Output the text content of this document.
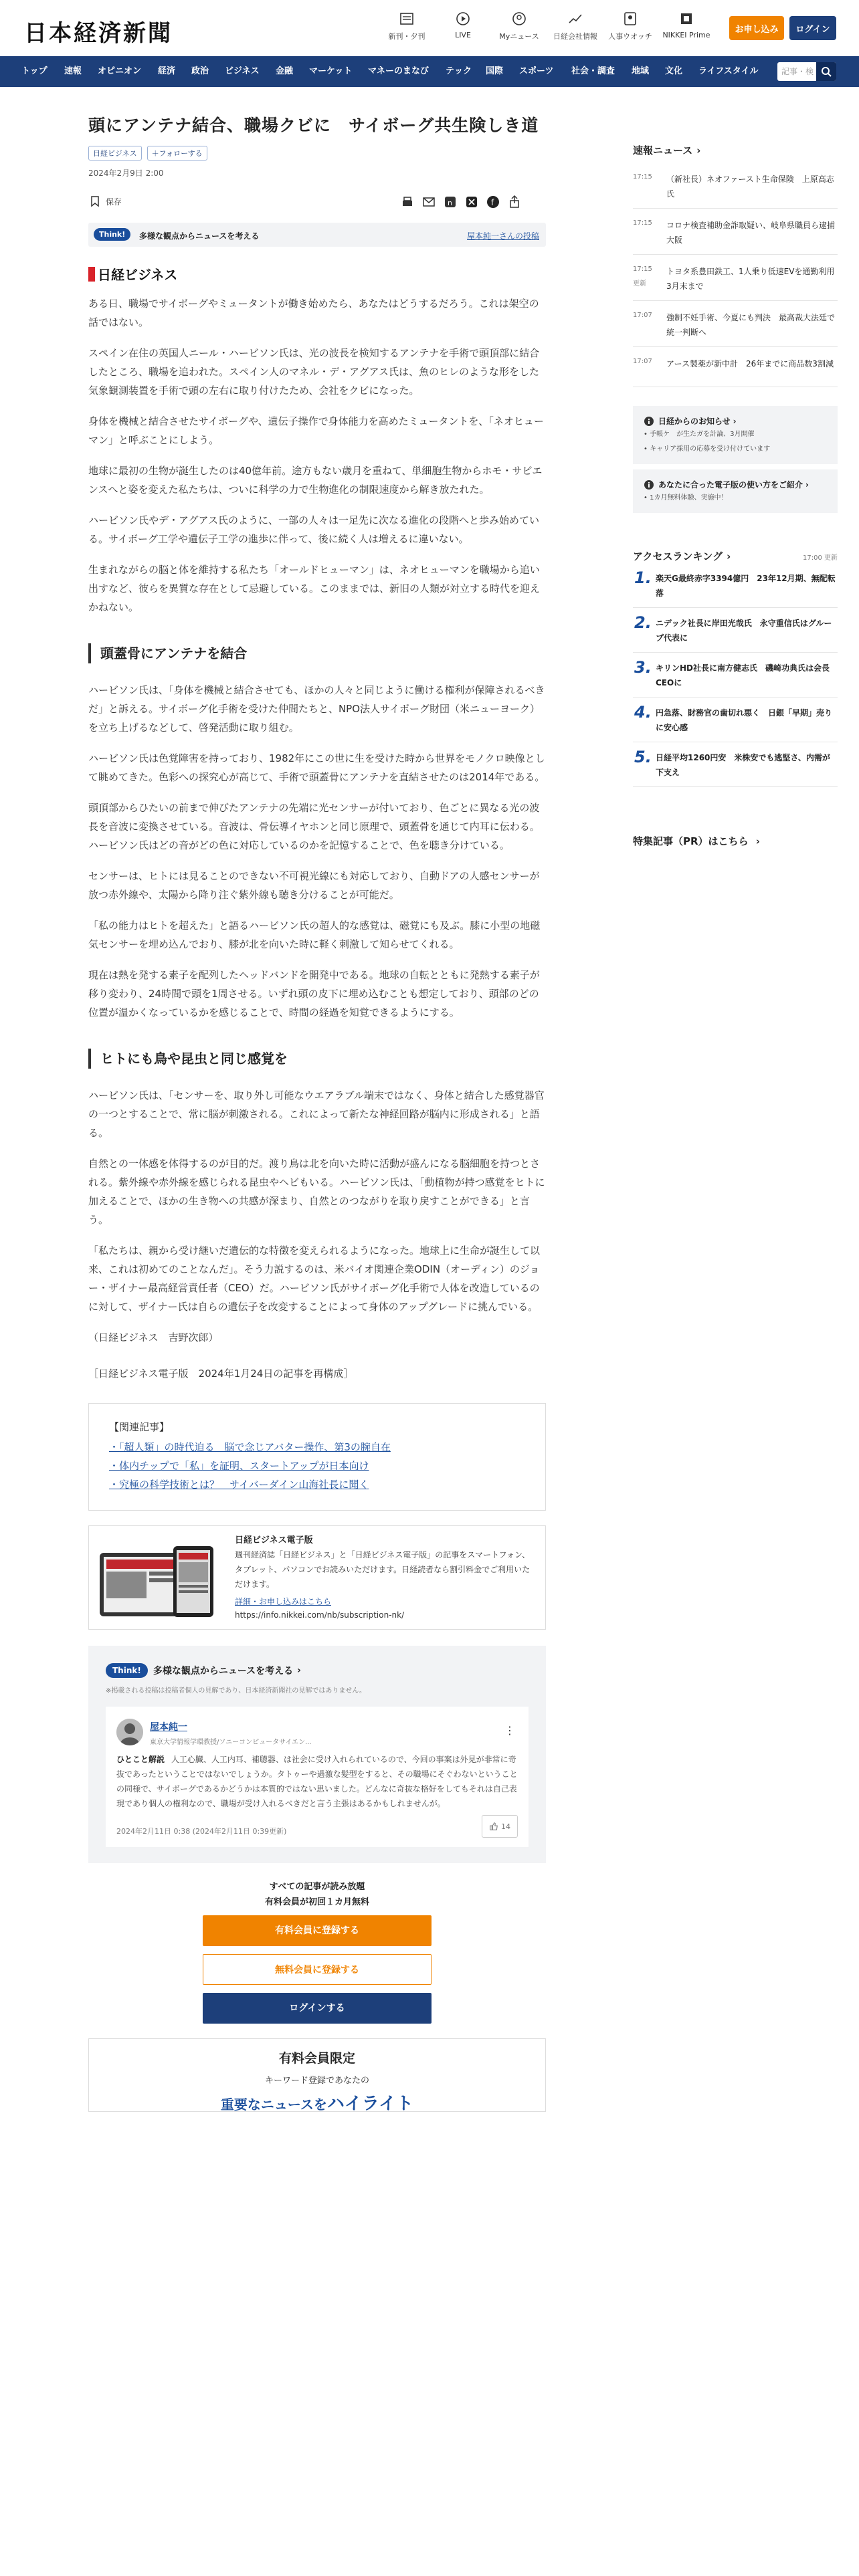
日本経済新聞	新刊・夕刊	LIVE	Myニュース 日経会社情報 人事ウオッチ NIKKEI Prime
お申し込み	ログイン
トップ 速報 オピニオン 経済 政治 ビジネス 金融 マーケット マネーのまなび テック 国際 スポーツ 社会・調査 地域 文化 ライフスタイル	記事・検
頭にアンテナ結合、職場クビに　サイボーグ共生険しき道
日経ビジネス	＋フォローする
2024年2月9日 2:00
保存	n	f
Think!	多様な観点からニュースを考える	屋本純一さんの投稿
日経ビジネス

ある日、職場でサイボーグやミュータントが働き始めたら、あなたはどうするだろう。これは架空の話ではない。

スペイン在住の英国人ニール・ハービソン氏は、光の波長を検知するアンテナを手術で頭頂部に結合したところ、職場を追われた。スペイン人のマネル・デ・アグアス氏は、魚のヒレのような形をした気象観測装置を手術で頭の左右に取り付けたため、会社をクビになった。

身体を機械と結合させたサイボーグや、遺伝子操作で身体能力を高めたミュータントを、「ネオヒューマン」と呼ぶことにしよう。

地球に最初の生物が誕生したのは40億年前。途方もない歳月を重ねて、単細胞生物からホモ・サピエンスへと姿を変えた私たちは、ついに科学の力で生物進化の制限速度から解き放たれた。

ハービソン氏やデ・アグアス氏のように、一部の人々は一足先に次なる進化の段階へと歩み始めている。サイボーグ工学や遺伝子工学の進歩に伴って、後に続く人は増えるに違いない。

生まれながらの脳と体を維持する私たち「オールドヒューマン」は、ネオヒューマンを職場から追い出すなど、彼らを異質な存在として忌避している。このままでは、新旧の人類が対立する時代を迎えかねない。

頭蓋骨にアンテナを結合

ハービソン氏は、「身体を機械と結合させても、ほかの人々と同じように働ける権利が保障されるべきだ」と訴える。サイボーグ化手術を受けた仲間たちと、NPO法人サイボーグ財団（米ニューヨーク）を立ち上げるなどして、啓発活動に取り組む。

ハービソン氏は色覚障害を持っており、1982年にこの世に生を受けた時から世界をモノクロ映像として眺めてきた。色彩への探究心が高じて、手術で頭蓋骨にアンテナを直結させたのは2014年である。

頭頂部からひたいの前まで伸びたアンテナの先端に光センサーが付いており、色ごとに異なる光の波長を音波に変換させている。音波は、骨伝導イヤホンと同じ原理で、頭蓋骨を通じて内耳に伝わる。ハービソン氏はどの音がどの色に対応しているのかを記憶することで、色を聴き分けている。

センサーは、ヒトには見ることのできない不可視光線にも対応しており、自動ドアの人感センサーが放つ赤外線や、太陽から降り注ぐ紫外線も聴き分けることが可能だ。

「私の能力はヒトを超えた」と語るハービソン氏の超人的な感覚は、磁覚にも及ぶ。膝に小型の地磁気センサーを埋め込んでおり、膝が北を向いた時に軽く刺激して知らせてくれる。

現在は熱を発する素子を配列したヘッドバンドを開発中である。地球の自転とともに発熱する素子が移り変わり、24時間で頭を1周させる。いずれ頭の皮下に埋め込むことも想定しており、頭部のどの位置が温かくなっているかを感じることで、時間の経過を知覚できるようにする。

ヒトにも鳥や昆虫と同じ感覚を

ハービソン氏は、「センサーを、取り外し可能なウエアラブル端末ではなく、身体と結合した感覚器官の一つとすることで、常に脳が刺激される。これによって新たな神経回路が脳内に形成される」と語る。

自然との一体感を体得するのが目的だ。渡り鳥は北を向いた時に活動が盛んになる脳細胞を持つとされる。紫外線や赤外線を感じられる昆虫やヘビもいる。ハービソン氏は、「動植物が持つ感覚をヒトに加えることで、ほかの生き物への共感が深まり、自然とのつながりを取り戻すことができる」と言う。

「私たちは、親から受け継いだ遺伝的な特徴を変えられるようになった。地球上に生命が誕生して以来、これは初めてのことなんだ」。そう力説するのは、米バイオ関連企業ODIN（オーディン）のジョー・ザイナー最高経営責任者（CEO）だ。ハービソン氏がサイボーグ化手術で人体を改造しているのに対して、ザイナー氏は自らの遺伝子を改変することによって身体のアップグレードに挑んでいる。

（日経ビジネス　吉野次郎）

［日経ビジネス電子版　2024年1月24日の記事を再構成］

【関連記事】
・「超人類」の時代迫る　脳で念じアバター操作、第3の腕自在
・体内チップで「私」を証明、スタートアップが日本向け
・究極の科学技術とは？　サイバーダイン山海社長に聞く
日経ビジネス電子版
週刊経済誌「日経ビジネス」と「日経ビジネス電子版」の記事をスマートフォン、タブレット、パソコンでお読みいただけます。日経読者なら割引料金でご利用いただけます。
詳細・お申し込みはこちら
https://info.nikkei.com/nb/subscription-nk/
Think!	多様な観点からニュースを考える ›
※掲載される投稿は投稿者個人の見解であり、日本経済新聞社の見解ではありません。
屋本純一
東京大学情報学環教授/ソニーコンピュータサイエン...
⋮
ひとこと解説 人工心臓、人工内耳、補聴器、は社会に受け入れられているので、今回の事案は外見が非常に奇抜であったということではないでしょうか。タトゥーや過激な髪型をすると、その職場にそぐわないということの同様で、サイボーグであるかどうかは本質的ではない思いました。どんなに奇抜な格好をしてもそれは自己表現であり個人の権利なので、職場が受け入れるべきだと言う主張はあるかもしれませんが。
2024年2月11日 0:38 (2024年2月11日 0:39更新)
14
すべての記事が読み放題
有料会員が初回１カ月無料
有料会員に登録する
無料会員に登録する
ログインする
有料会員限定
キーワード登録であなたの
重要なニュースをハイライト
速報ニュース ›
17:15 （新社長）ネオファースト生命保険　上原高志氏
17:15 コロナ検査補助金詐取疑い、岐阜県職員ら逮捕 大阪
17:15
更新
トヨタ系豊田鉄工、1人乗り低速EVを通勤利用　3月末まで
17:07 強制不妊手術、今夏にも判決　最高裁大法廷で統一判断へ
17:07 アース製薬が新中計　26年までに商品数3割減
日経からのお知らせ ›
• 手帳ケ　が生たガを計論、3月開催
• キャリア採用の応募を受け付けています
あなたに合った電子版の使い方をご紹介 ›
• 1カ月無料体験、実施中！
アクセスランキング ›	17:00 更新
1. 楽天G最終赤字3394億円　23年12月期、無配転落
2. ニデック社長に岸田光哉氏　永守重信氏はグループ代表に
3. キリンHD社長に南方健志氏　磯崎功典氏は会長CEOに
4. 円急落、財務官の歯切れ悪く　日銀「早期」売りに安心感
5. 日経平均1260円安　米株安でも逃堅さ、内需が下支え
特集記事（PR）はこちら ›
